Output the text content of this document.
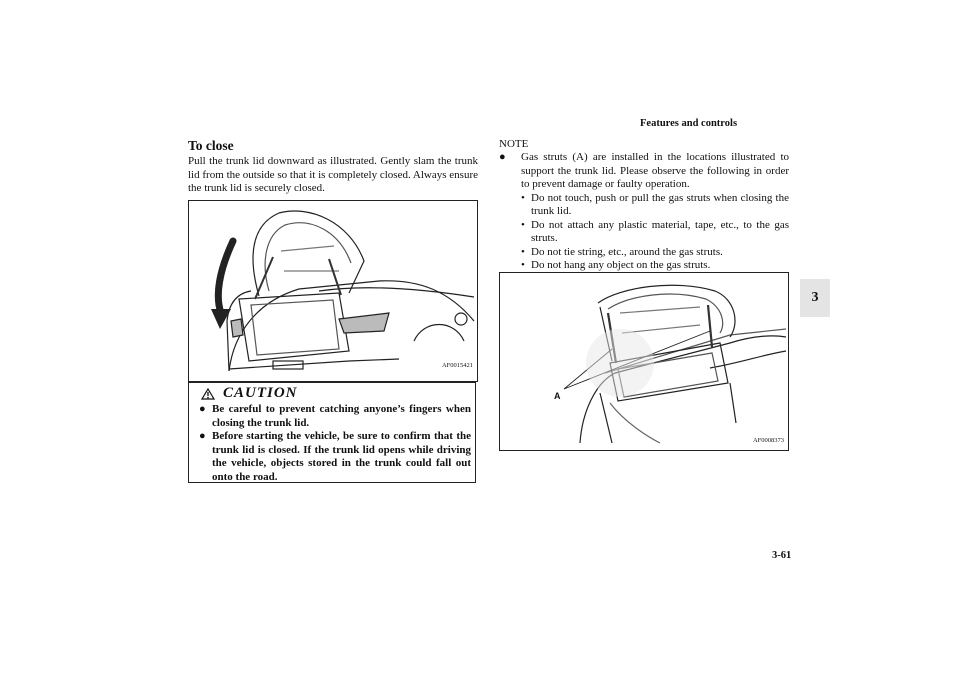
Features and controls
3
To close
Pull the trunk lid downward as illustrated. Gently slam the trunk lid from the outside so that it is completely closed. Always ensure the trunk lid is securely closed.
AF0015421
CAUTION
● Be careful to prevent catching anyone’s fingers when closing the trunk lid.
● Before starting the vehicle, be sure to confirm that the trunk lid is closed. If the trunk lid opens while driving the vehicle, objects stored in the trunk could fall out onto the road.
NOTE
●	Gas struts (A) are installed in the locations illustrated to support the trunk lid. Please observe the following in order to prevent damage or faulty operation.
• Do not touch, push or pull the gas struts when closing the trunk lid.
• Do not attach any plastic material, tape, etc., to the gas struts.
• Do not tie string, etc., around the gas struts.
• Do not hang any object on the gas struts.
A
AF0008373
3-61
